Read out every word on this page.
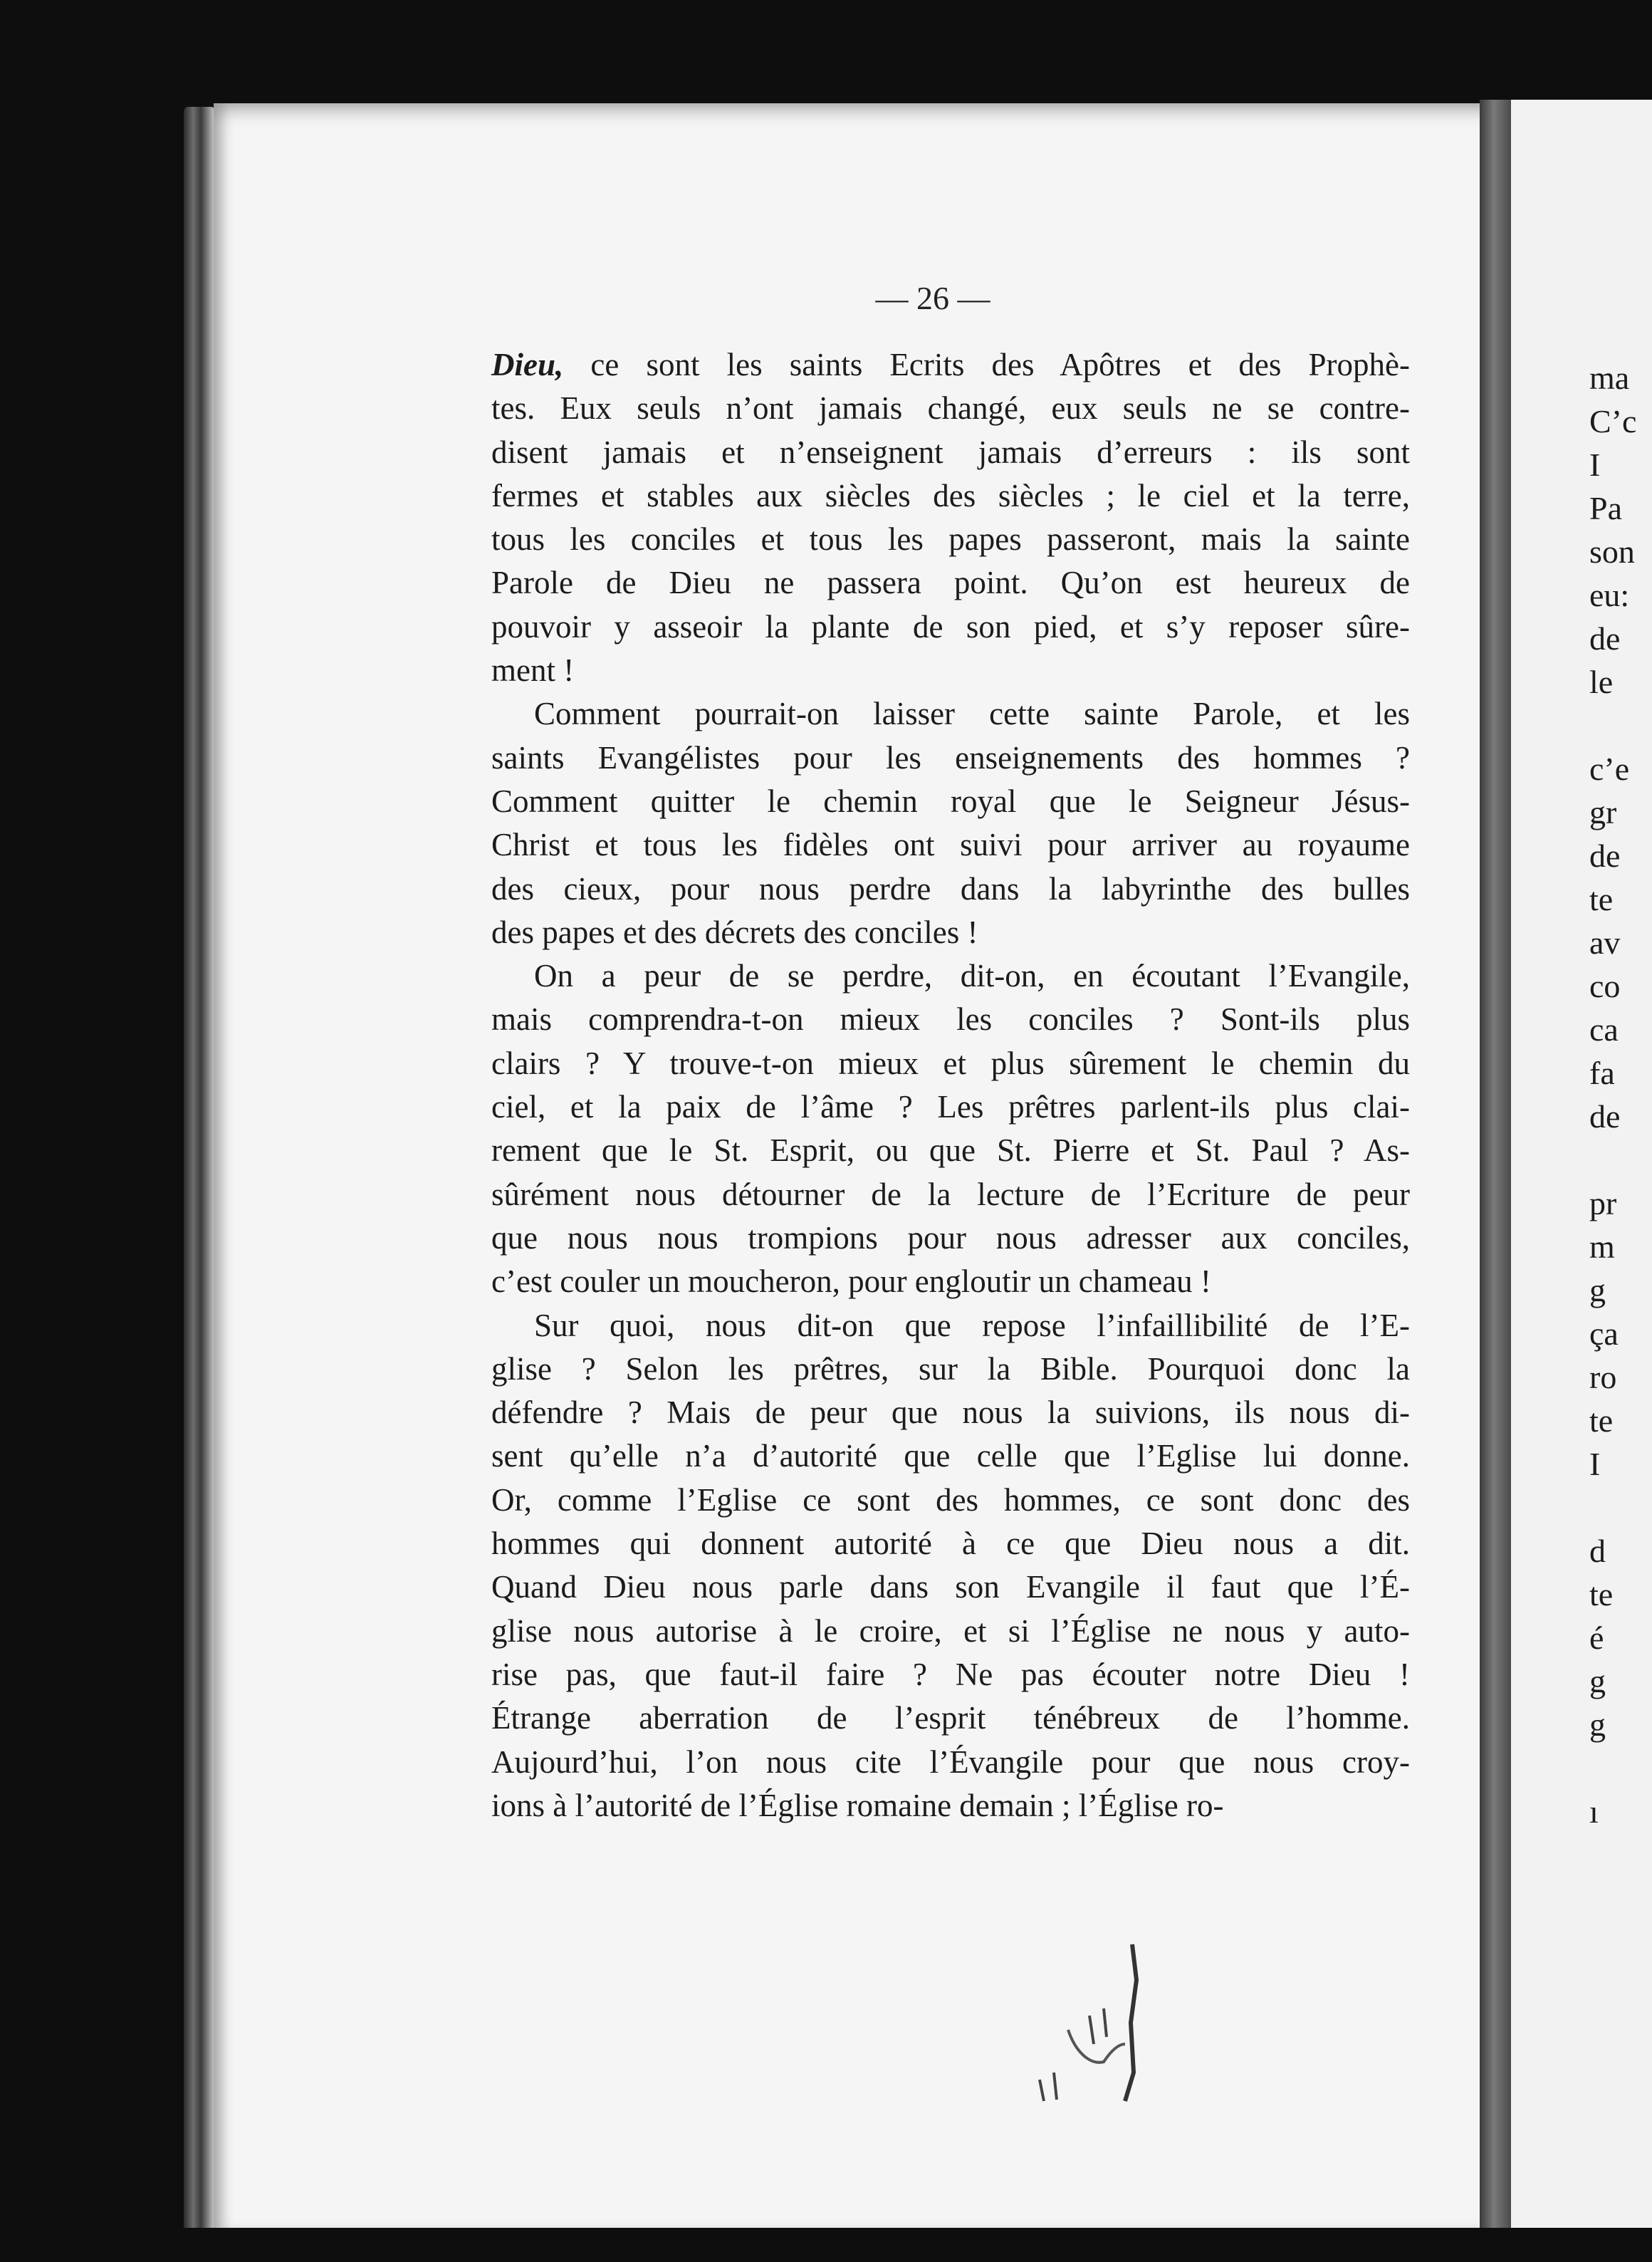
— 26 —
Dieu, ce sont les saints Ecrits des Apôtres et des Prophè-
tes. Eux seuls n’ont jamais changé, eux seuls ne se contre-
disent jamais et n’enseignent jamais d’erreurs : ils sont
fermes et stables aux siècles des siècles ; le ciel et la terre,
tous les conciles et tous les papes passeront, mais la sainte
Parole de Dieu ne passera point. Qu’on est heureux de
pouvoir y asseoir la plante de son pied, et s’y reposer sûre-
ment !
Comment pourrait-on laisser cette sainte Parole, et les
saints Evangélistes pour les enseignements des hommes ?
Comment quitter le chemin royal que le Seigneur Jésus-
Christ et tous les fidèles ont suivi pour arriver au royaume
des cieux, pour nous perdre dans la labyrinthe des bulles
des papes et des décrets des conciles !
On a peur de se perdre, dit-on, en écoutant l’Evangile,
mais comprendra-t-on mieux les conciles ? Sont-ils plus
clairs ? Y trouve-t-on mieux et plus sûrement le chemin du
ciel, et la paix de l’âme ? Les prêtres parlent-ils plus clai-
rement que le St. Esprit, ou que St. Pierre et St. Paul ? As-
sûrément nous détourner de la lecture de l’Ecriture de peur
que nous nous trompions pour nous adresser aux conciles,
c’est couler un moucheron, pour engloutir un chameau !
Sur quoi, nous dit-on que repose l’infaillibilité de l’E-
glise ? Selon les prêtres, sur la Bible. Pourquoi donc la
défendre ? Mais de peur que nous la suivions, ils nous di-
sent qu’elle n’a d’autorité que celle que l’Eglise lui donne.
Or, comme l’Eglise ce sont des hommes, ce sont donc des
hommes qui donnent autorité à ce que Dieu nous a dit.
Quand Dieu nous parle dans son Evangile il faut que l’É-
glise nous autorise à le croire, et si l’Église ne nous y auto-
rise pas, que faut-il faire ? Ne pas écouter notre Dieu !
Étrange aberration de l’esprit ténébreux de l’homme.
Aujourd’hui, l’on nous cite l’Évangile pour que nous croy-
ions à l’autorité de l’Église romaine demain ; l’Église ro-
ma
C’c
I
Pa
son
eu:
de
le

c’e
gr
de
te
av
co
ca
fa
de

pr
m
g
ça
ro
te
I

d
te
é
g
g

ı
